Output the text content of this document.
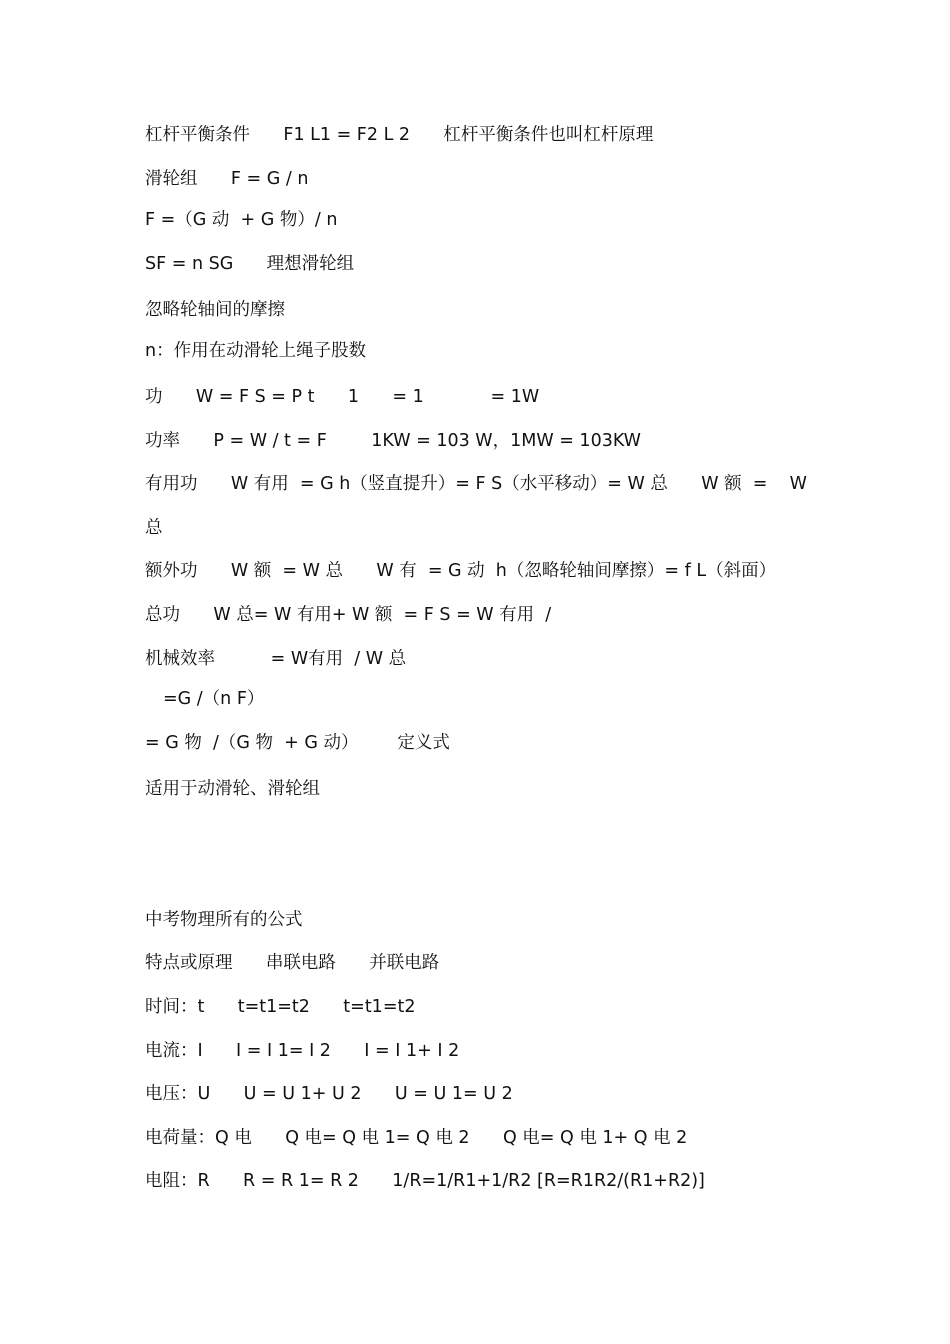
杠杆平衡条件      F1 L1 = F2 L 2      杠杆平衡条件也叫杠杆原理
滑轮组      F = G / n
F =（G 动  + G 物）/ n
SF = n SG      理想滑轮组
忽略轮轴间的摩擦
n：作用在动滑轮上绳子股数
功      W = F S = P t      1      = 1            = 1W
功率      P = W / t = F        1KW = 103 W，1MW = 103KW
有用功      W 有用  = G h（竖直提升）= F S（水平移动）= W 总      W 额  =    W
总
额外功      W 额  = W 总      W 有  = G 动  h（忽略轮轴间摩擦）= f L（斜面）
总功      W 总= W 有用+ W 额  = F S = W 有用  /
机械效率          = W有用  / W 总
=G /（n F）
= G 物  /（G 物  + G 动）       定义式
适用于动滑轮、滑轮组
中考物理所有的公式
特点或原理      串联电路      并联电路
时间：t      t=t1=t2      t=t1=t2
电流：I      I = I 1= I 2      I = I 1+ I 2
电压：U      U = U 1+ U 2      U = U 1= U 2
电荷量：Q 电      Q 电= Q 电 1= Q 电 2      Q 电= Q 电 1+ Q 电 2
电阻：R      R = R 1= R 2      1/R=1/R1+1/R2 [R=R1R2/(R1+R2)]
